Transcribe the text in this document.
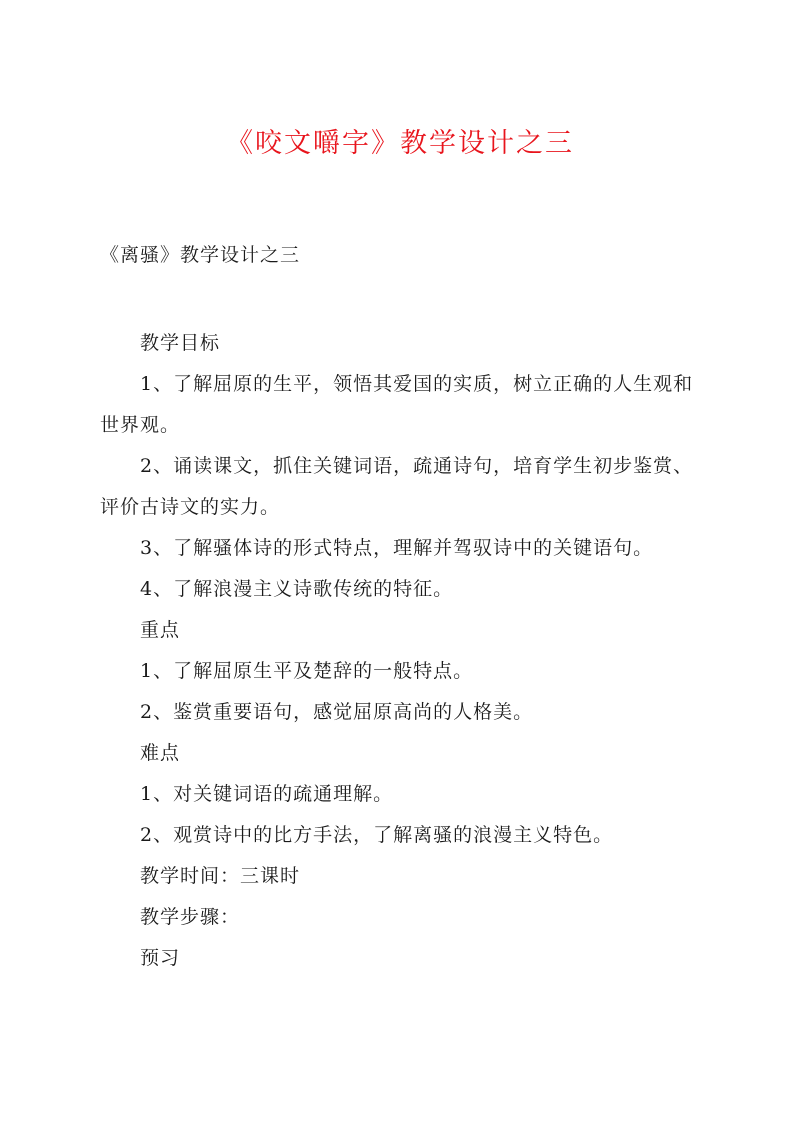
《咬文嚼字》教学设计之三

《离骚》教学设计之三

教学目标

1、了解屈原的生平，领悟其爱国的实质，树立正确的人生观和世界观。

2、诵读课文，抓住关键词语，疏通诗句，培育学生初步鉴赏、评价古诗文的实力。

3、了解骚体诗的形式特点，理解并驾驭诗中的关键语句。

4、了解浪漫主义诗歌传统的特征。

重点

1、了解屈原生平及楚辞的一般特点。

2、鉴赏重要语句，感觉屈原高尚的人格美。

难点

1、对关键词语的疏通理解。

2、观赏诗中的比方手法，了解离骚的浪漫主义特色。

教学时间：三课时

教学步骤：

预习
